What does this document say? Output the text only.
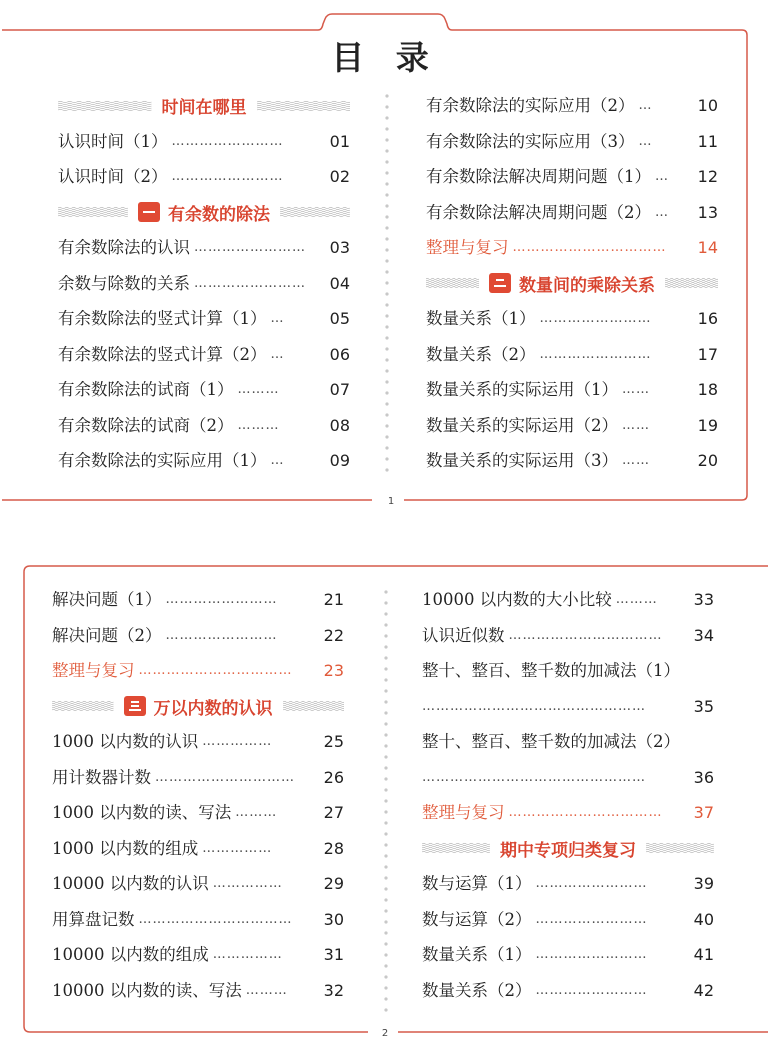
目 录
时间在哪里
认识时间（1） ……………………	01
认识时间（2） ……………………	02
有余数的除法
有余数除法的认识 ……………………	03
余数与除数的关系 ……………………	04
有余数除法的竖式计算（1） …	05
有余数除法的竖式计算（2） …	06
有余数除法的试商（1） ………	07
有余数除法的试商（2） ………	08
有余数除法的实际应用（1） …	09
有余数除法的实际应用（2） …	10
有余数除法的实际应用（3） …	11
有余数除法解决周期问题（1） …	12
有余数除法解决周期问题（2） …	13
整理与复习 ……………………………	14
数量间的乘除关系
数量关系（1） ……………………	16
数量关系（2） ……………………	17
数量关系的实际运用（1） ……	18
数量关系的实际运用（2） ……	19
数量关系的实际运用（3） ……	20
1
解决问题（1） ……………………	21
解决问题（2） ……………………	22
整理与复习 ……………………………	23
万以内数的认识
1000 以内数的认识 ……………	25
用计数器计数 …………………………	26
1000 以内数的读、写法 ………	27
1000 以内数的组成 ……………	28
10000 以内数的认识 ……………	29
用算盘记数 ……………………………	30
10000 以内数的组成 ……………	31
10000 以内数的读、写法 ………	32
10000 以内数的大小比较 ………	33
认识近似数 ……………………………	34
整十、整百、整千数的加减法（1）
…………………………………………	35
整十、整百、整千数的加减法（2）
…………………………………………	36
整理与复习 ……………………………	37
期中专项归类复习
数与运算（1） ……………………	39
数与运算（2） ……………………	40
数量关系（1） ……………………	41
数量关系（2） ……………………	42
2
